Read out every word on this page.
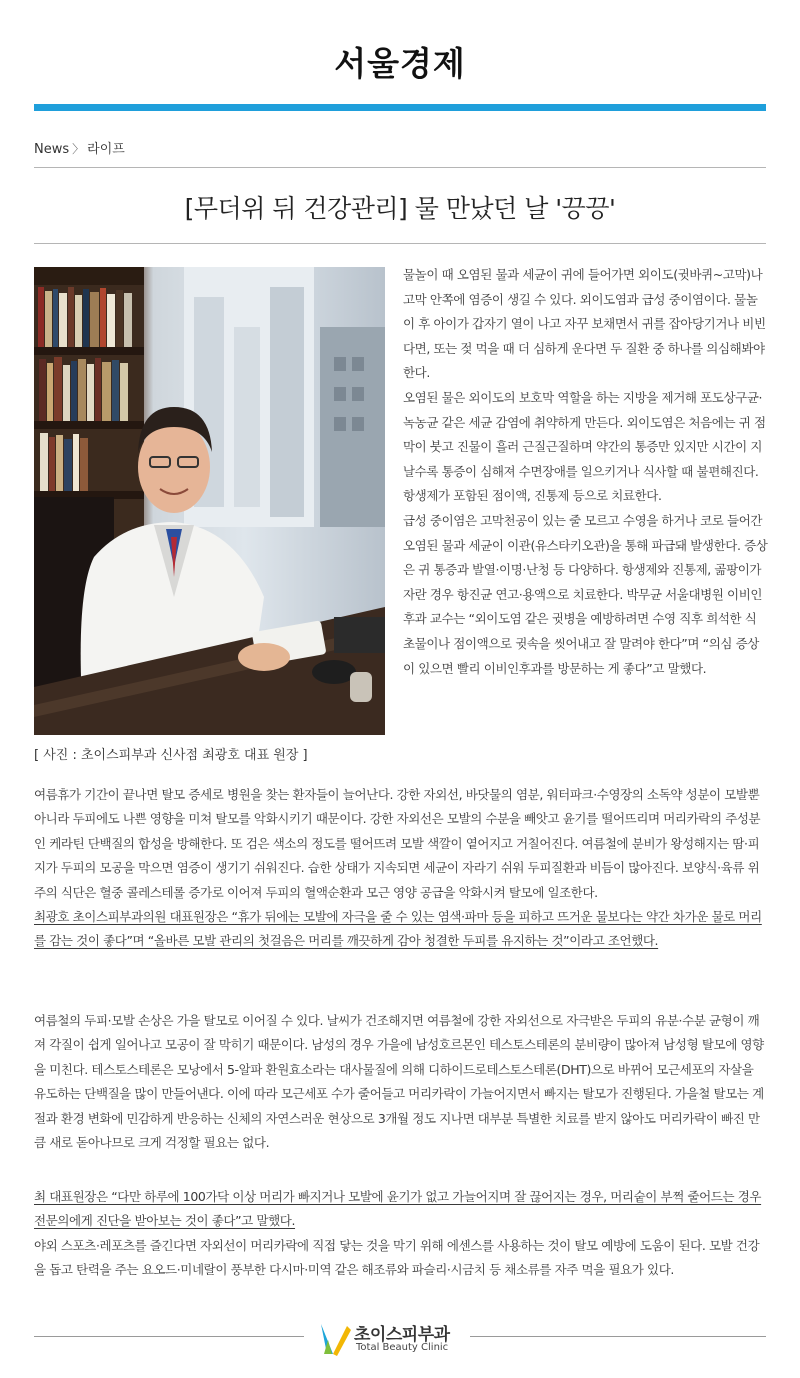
서울경제
News 〉 라이프
[무더위 뒤 건강관리] 물 만났던 날 '끙끙'
[ 사진 : 초이스피부과 신사점 최광호 대표 원장 ]

물놀이 때 오염된 물과 세균이 귀에 들어가면 외이도(귓바퀴~고막)나 고막 안쪽에 염증이 생길 수 있다. 외이도염과 급성 중이염이다. 물놀이 후 아이가 갑자기 열이 나고 자꾸 보채면서 귀를 잡아당기거나 비빈다면, 또는 젖 먹을 때 더 심하게 운다면 두 질환 중 하나를 의심해봐야 한다.

오염된 물은 외이도의 보호막 역할을 하는 지방을 제거해 포도상구균·녹농균 같은 세균 감염에 취약하게 만든다. 외이도염은 처음에는 귀 점막이 붓고 진물이 흘러 근질근질하며 약간의 통증만 있지만 시간이 지날수록 통증이 심해져 수면장애를 일으키거나 식사할 때 불편해진다. 항생제가 포함된 점이액, 진통제 등으로 치료한다.

급성 중이염은 고막천공이 있는 줄 모르고 수영을 하거나 코로 들어간 오염된 물과 세균이 이관(유스타키오관)을 통해 파급돼 발생한다. 증상은 귀 통증과 발열·이명·난청 등 다양하다. 항생제와 진통제, 곪팡이가 자란 경우 항진균 연고·용액으로 치료한다. 박무균 서울대병원 이비인후과 교수는 “외이도염 같은 귓병을 예방하려면 수영 직후 희석한 식초물이나 점이액으로 귓속을 씻어내고 잘 말려야 한다”며 “의심 증상이 있으면 빨리 이비인후과를 방문하는 게 좋다”고 말했다.

여름휴가 기간이 끝나면 탈모 증세로 병원을 찾는 환자들이 늘어난다. 강한 자외선, 바닷물의 염분, 워터파크·수영장의 소독약 성분이 모발뿐 아니라 두피에도 나쁜 영향을 미쳐 탈모를 악화시키기 때문이다. 강한 자외선은 모발의 수분을 빼앗고 윤기를 떨어뜨리며 머리카락의 주성분인 케라틴 단백질의 합성을 방해한다. 또 검은 색소의 정도를 떨어뜨려 모발 색깔이 옅어지고 거칠어진다. 여름철에 분비가 왕성해지는 땀·피지가 두피의 모공을 막으면 염증이 생기기 쉬워진다. 습한 상태가 지속되면 세균이 자라기 쉬워 두피질환과 비듬이 많아진다. 보양식·육류 위주의 식단은 혈중 콜레스테롤 증가로 이어져 두피의 혈액순환과 모근 영양 공급을 악화시켜 탈모에 일조한다.

최광호 초이스피부과의원 대표원장은 “휴가 뒤에는 모발에 자극을 줄 수 있는 염색·파마 등을 피하고 뜨거운 물보다는 약간 차가운 물로 머리를 감는 것이 좋다”며 “올바른 모발 관리의 첫걸음은 머리를 깨끗하게 감아 청결한 두피를 유지하는 것”이라고 조언했다.

여름철의 두피·모발 손상은 가을 탈모로 이어질 수 있다. 날씨가 건조해지면 여름철에 강한 자외선으로 자극받은 두피의 유분·수분 균형이 깨져 각질이 쉽게 일어나고 모공이 잘 막히기 때문이다. 남성의 경우 가을에 남성호르몬인 테스토스테론의 분비량이 많아져 남성형 탈모에 영향을 미친다. 테스토스테론은 모낭에서 5-알파 환원효소라는 대사물질에 의해 디하이드로테스토스테론(DHT)으로 바뀌어 모근세포의 자살을 유도하는 단백질을 많이 만들어낸다. 이에 따라 모근세포 수가 줄어들고 머리카락이 가늘어지면서 빠지는 탈모가 진행된다. 가을철 탈모는 계절과 환경 변화에 민감하게 반응하는 신체의 자연스러운 현상으로 3개월 정도 지나면 대부분 특별한 치료를 받지 않아도 머리카락이 빠진 만큼 새로 돋아나므로 크게 걱정할 필요는 없다.

최 대표원장은 “다만 하루에 100가닥 이상 머리가 빠지거나 모발에 윤기가 없고 가늘어지며 잘 끊어지는 경우, 머리숱이 부쩍 줄어드는 경우 전문의에게 진단을 받아보는 것이 좋다”고 말했다.

야외 스포츠·레포츠를 즐긴다면 자외선이 머리카락에 직접 닿는 것을 막기 위해 에센스를 사용하는 것이 탈모 예방에 도움이 된다. 모발 건강을 돕고 탄력을 주는 요오드·미네랄이 풍부한 다시마·미역 같은 해조류와 파슬리·시금치 등 채소류를 자주 먹을 필요가 있다.

초이스피부과
Total Beauty Clinic
